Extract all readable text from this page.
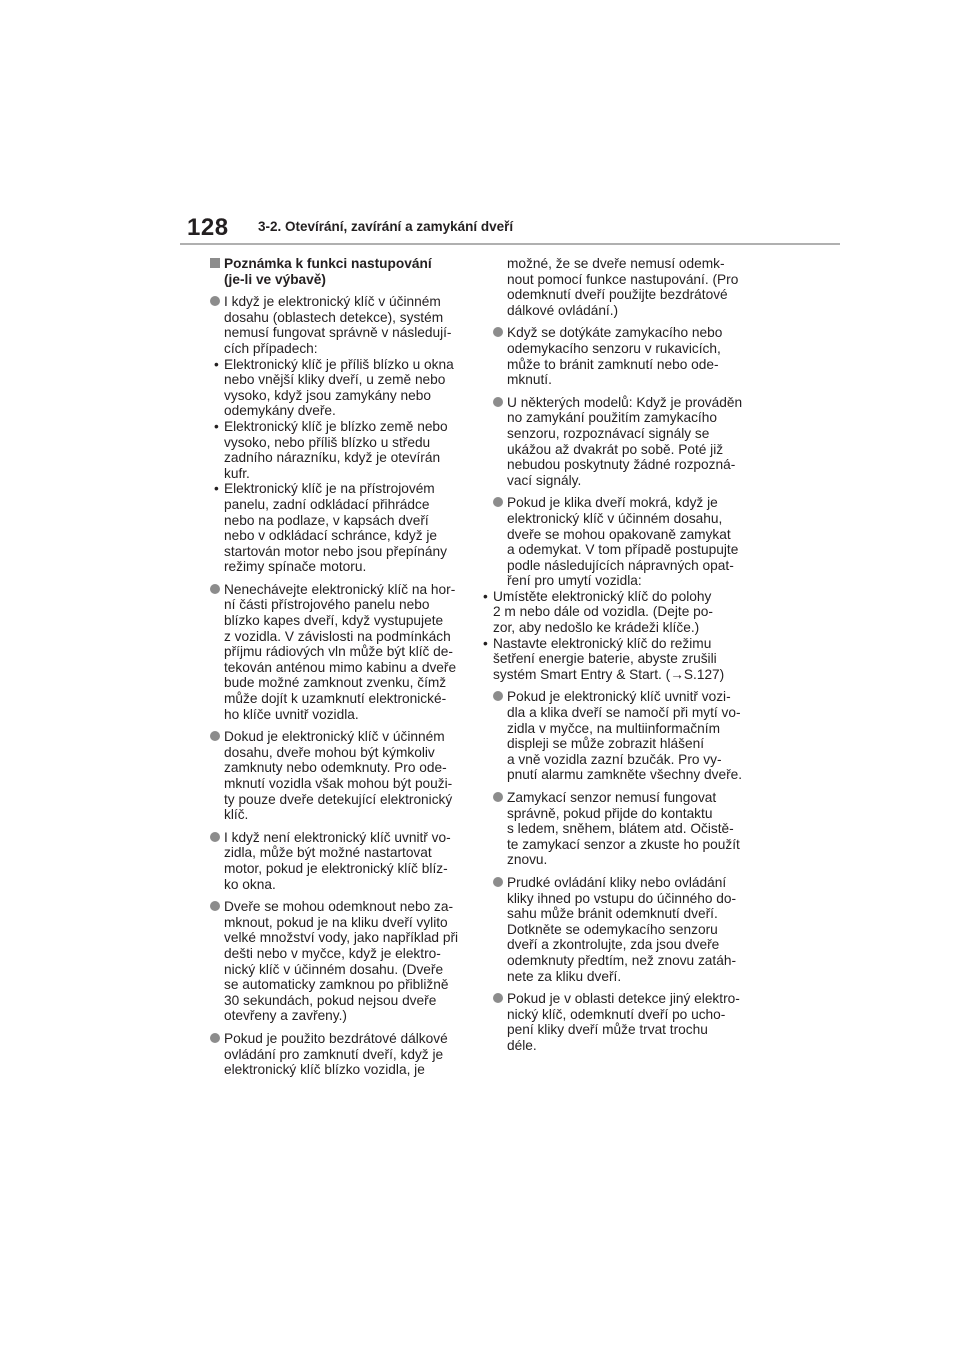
128 3-2. Otevírání, zavírání a zamykání dveří
Poznámka k funkci nastupování
(je-li ve výbavě)
I když je elektronický klíč v účinném
dosahu (oblastech detekce), systém
nemusí fungovat správně v následují-
cích případech:
• Elektronický klíč je příliš blízko u okna
nebo vnější kliky dveří, u země nebo
vysoko, když jsou zamykány nebo
odemykány dveře.
• Elektronický klíč je blízko země nebo
vysoko, nebo příliš blízko u středu
zadního nárazníku, když je otevírán
kufr.
• Elektronický klíč je na přístrojovém
panelu, zadní odkládací přihrádce
nebo na podlaze, v kapsách dveří
nebo v odkládací schránce, když je
startován motor nebo jsou přepínány
režimy spínače motoru.
Nenechávejte elektronický klíč na hor-
ní části přístrojového panelu nebo
blízko kapes dveří, když vystupujete
z vozidla. V závislosti na podmínkách
příjmu rádiových vln může být klíč de-
tekován anténou mimo kabinu a dveře
bude možné zamknout zvenku, čímž
může dojít k uzamknutí elektronické-
ho klíče uvnitř vozidla.
Dokud je elektronický klíč v účinném
dosahu, dveře mohou být kýmkoliv
zamknuty nebo odemknuty. Pro ode-
mknutí vozidla však mohou být použi-
ty pouze dveře detekující elektronický
klíč.
I když není elektronický klíč uvnitř vo-
zidla, může být možné nastartovat
motor, pokud je elektronický klíč blíz-
ko okna.
Dveře se mohou odemknout nebo za-
mknout, pokud je na kliku dveří vylito
velké množství vody, jako například při
dešti nebo v myčce, když je elektro-
nický klíč v účinném dosahu. (Dveře
se automaticky zamknou po přibližně
30 sekundách, pokud nejsou dveře
otevřeny a zavřeny.)
Pokud je použito bezdrátové dálkové
ovládání pro zamknutí dveří, když je
elektronický klíč blízko vozidla, je
možné, že se dveře nemusí odemk-
nout pomocí funkce nastupování. (Pro
odemknutí dveří použijte bezdrátové
dálkové ovládání.)
Když se dotýkáte zamykacího nebo
odemykacího senzoru v rukavicích,
může to bránit zamknutí nebo ode-
mknutí.
U některých modelů: Když je prováděn
no zamykání použitím zamykacího
senzoru, rozpoznávací signály se
ukážou až dvakrát po sobě. Poté již
nebudou poskytnuty žádné rozpozná-
vací signály.
Pokud je klika dveří mokrá, když je
elektronický klíč v účinném dosahu,
dveře se mohou opakovaně zamykat
a odemykat. V tom případě postupujte
podle následujících nápravných opat-
ření pro umytí vozidla:
• Umístěte elektronický klíč do polohy
2 m nebo dále od vozidla. (Dejte po-
zor, aby nedošlo ke krádeži klíče.)
• Nastavte elektronický klíč do režimu
šetření energie baterie, abyste zrušili
systém Smart Entry & Start. (→S.127)
Pokud je elektronický klíč uvnitř vozi-
dla a klika dveří se namočí při mytí vo-
zidla v myčce, na multiinformačním
displeji se může zobrazit hlášení
a vně vozidla zazní bzučák. Pro vy-
pnutí alarmu zamkněte všechny dveře.
Zamykací senzor nemusí fungovat
správně, pokud přijde do kontaktu
s ledem, sněhem, blátem atd. Očistě-
te zamykací senzor a zkuste ho použít
znovu.
Prudké ovládání kliky nebo ovládání
kliky ihned po vstupu do účinného do-
sahu může bránit odemknutí dveří.
Dotkněte se odemykacího senzoru
dveří a zkontrolujte, zda jsou dveře
odemknuty předtím, než znovu zatáh-
nete za kliku dveří.
Pokud je v oblasti detekce jiný elektro-
nický klíč, odemknutí dveří po ucho-
pení kliky dveří může trvat trochu
déle.
